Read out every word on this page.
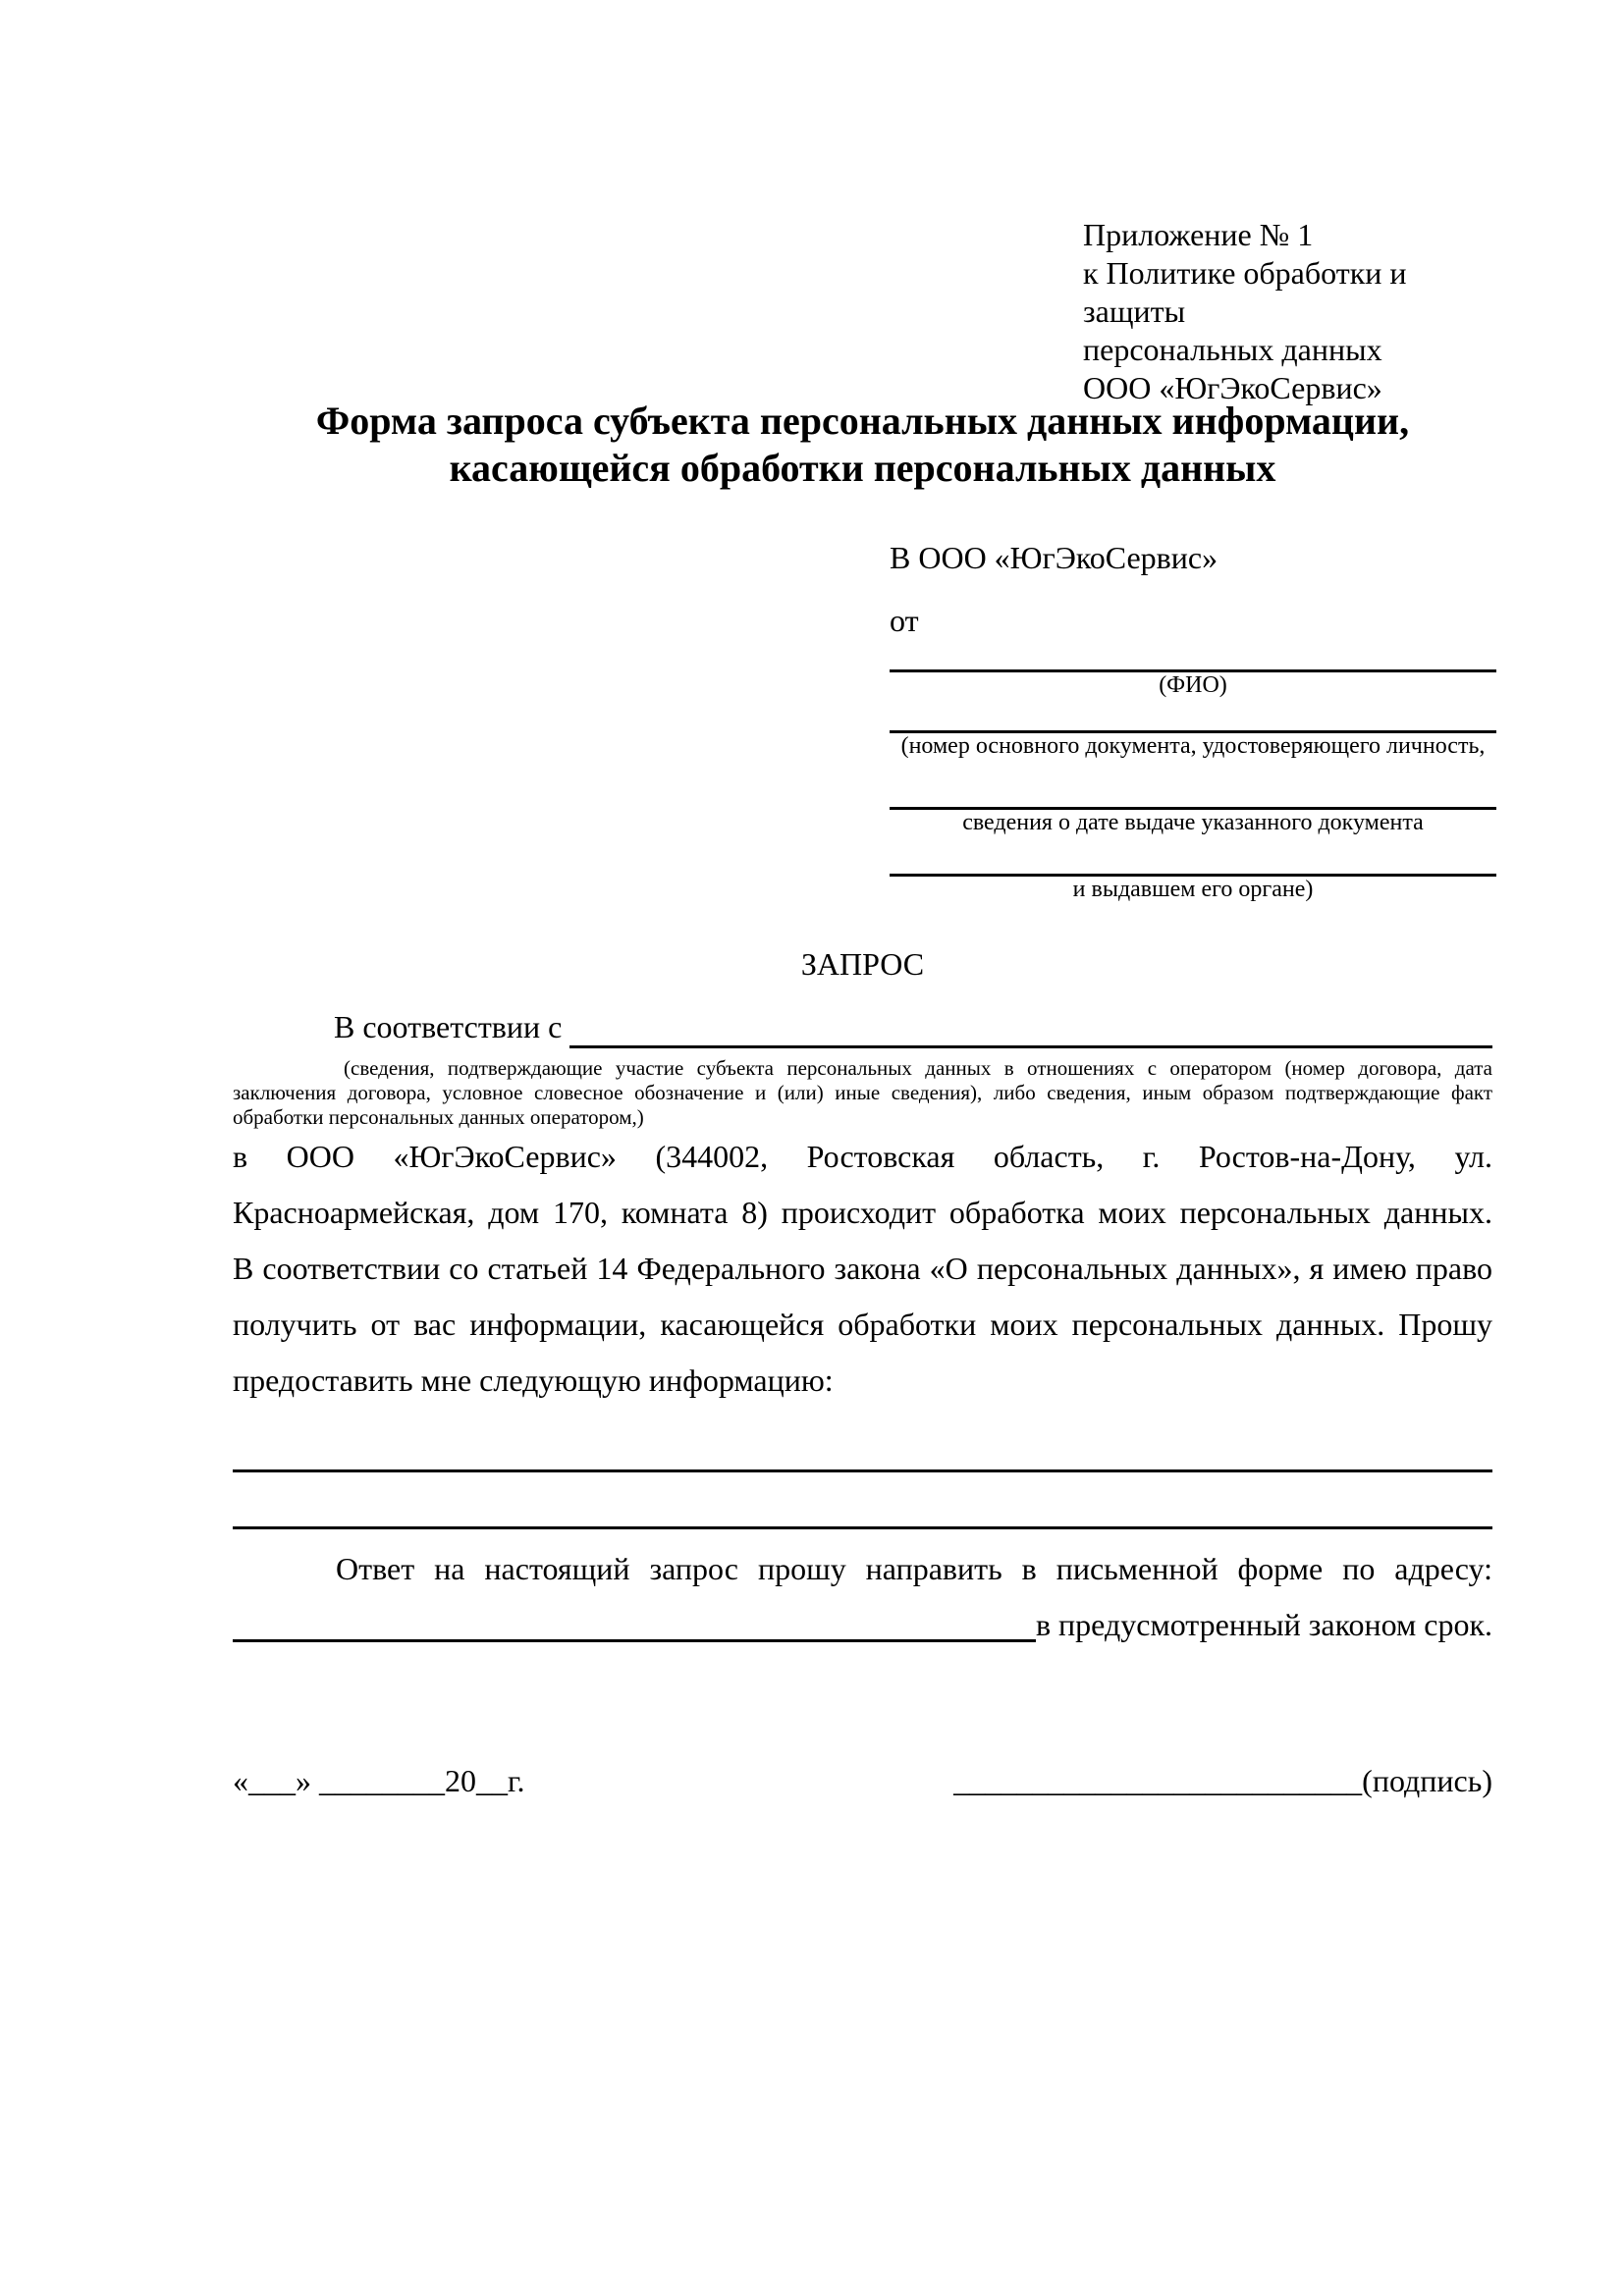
Приложение № 1
к Политике обработки и защиты
персональных данных
ООО «ЮгЭкоСервис»
Форма запроса субъекта персональных данных информации,
касающейся обработки персональных данных
В ООО «ЮгЭкоСервис»
от
(ФИО)
(номер основного документа, удостоверяющего личность,
сведения о дате выдаче указанного документа
и выдавшем его органе)
ЗАПРОС
В соответствии с
(сведения, подтверждающие участие субъекта персональных данных в отношениях с оператором (номер договора, дата
заключения договора, условное словесное обозначение и (или) иные сведения), либо сведения, иным образом подтверждающие факт
обработки персональных данных оператором,)
в ООО «ЮгЭкоСервис» (344002, Ростовская область, г. Ростов-на-Дону, ул.
Красноармейская, дом 170, комната 8) происходит обработка моих персональных данных.
В соответствии со статьей 14 Федерального закона «О персональных данных», я имею право
получить от вас информации, касающейся обработки моих персональных данных. Прошу
предоставить мне следующую информацию:
Ответ на настоящий запрос прошу направить в письменной форме по адресу:
в предусмотренный законом срок.
«___» ________20__г.	__________________________(подпись)
